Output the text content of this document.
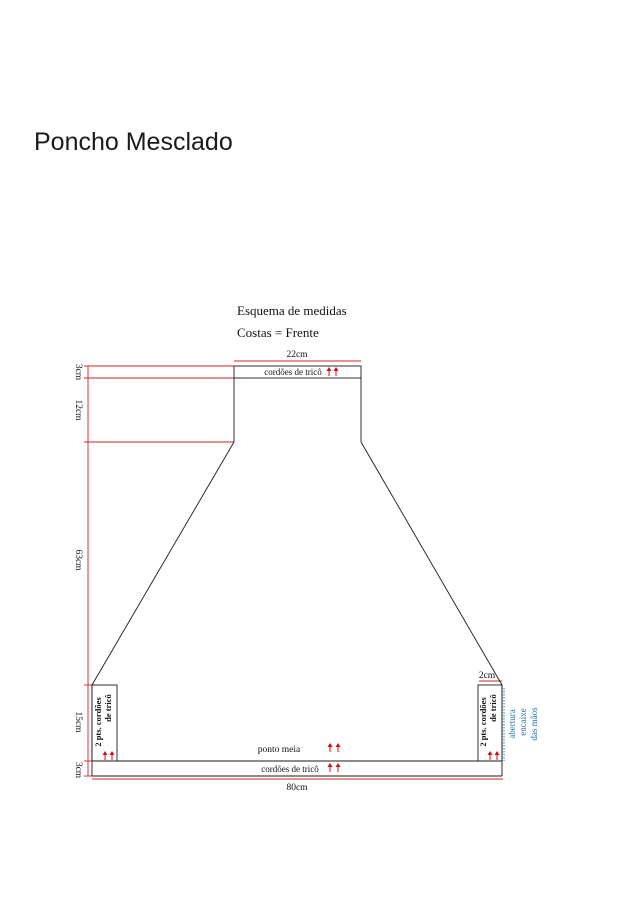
Poncho Mesclado
Esquema de medidas
Costas = Frente
22cm
cordões de tricô
ponto meia
cordões de tricô
80cm
2cm
3cm
12cm
63cm
15cm
3cm
2 pts. cordões de tricô	2 pts. cordões de tricô
abertura encaixe das mãos
